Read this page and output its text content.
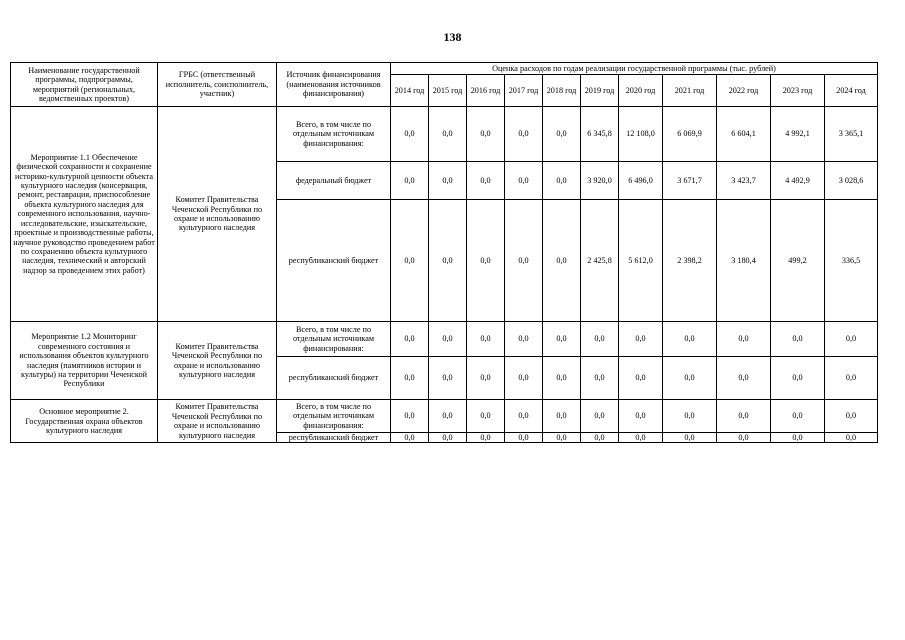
138
Наименование государственной программы, подпрограммы, мероприятий (региональных, ведомственных проектов)	ГРБС (ответственный исполнитель, соисполнитель, участник)	Источник финансирования (наименования источников финансирования)	Оценка расходов по годам реализации государственной программы (тыс. рублей)										
			2014 год	2015 год	2016 год	2017 год	2018 год	2019 год	2020 год	2021 год	2022 год	2023 год	2024 год
Мероприятие 1.1 Обеспечение физической сохранности и сохранение историко-культурной ценности объекта культурного наследия (консервация, ремонт, реставрация, приспособление объекта культурного наследия для современного использования, научно-исследовательские, изыскательские, проектные и производственные работы, научное руководство проведением работ по сохранению объекта культурного наследия, технический и авторский надзор за проведением этих работ)	Комитет Правительства Чеченской Республики по охране и использованию культурного наследия	Всего, в том числе по отдельным источникам финансирования:	0,0	0,0	0,0	0,0	0,0	6 345,8	12 108,0	6 069,9	6 604,1	4 992,1	3 365,1
		федеральный бюджет	0,0	0,0	0,0	0,0	0,0	3 920,0	6 496,0	3 671,7	3 423,7	4 492,9	3 028,6
		республиканский бюджет	0,0	0,0	0,0	0,0	0,0	2 425,8	5 612,0	2 398,2	3 180,4	499,2	336,5
Мероприятие 1.2 Мониторинг современного состояния и использования объектов культурного наследия (памятников истории и культуры) на территории Чеченской Республики	Комитет Правительства Чеченской Республики по охране и использованию культурного наследия	Всего, в том числе по отдельным источникам финансирования:	0,0	0,0	0,0	0,0	0,0	0,0	0,0	0,0	0,0	0,0	0,0
		республиканский бюджет	0,0	0,0	0,0	0,0	0,0	0,0	0,0	0,0	0,0	0,0	0,0
Основное мероприятие 2. Государственная охрана объектов культурного наследия	Комитет Правительства Чеченской Республики по охране и использованию культурного наследия	Всего, в том числе по отдельным источникам финансирования:	0,0	0,0	0,0	0,0	0,0	0,0	0,0	0,0	0,0	0,0	0,0
		республиканский бюджет	0,0	0,0	0,0	0,0	0,0	0,0	0,0	0,0	0,0	0,0	0,0
